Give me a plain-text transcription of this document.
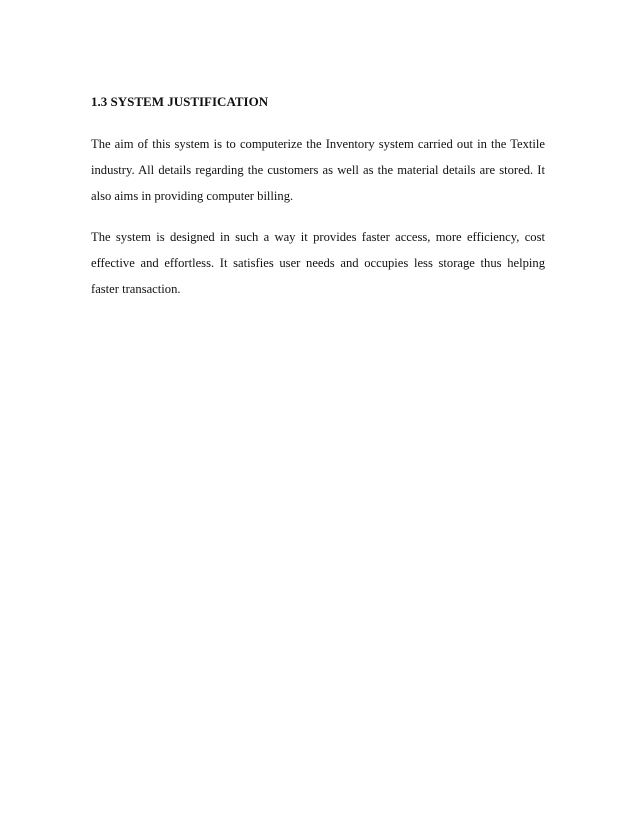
1.3 SYSTEM JUSTIFICATION

The aim of this system is to computerize the Inventory system carried out in the Textile industry. All details regarding the customers as well as the material details are stored. It also aims in providing computer billing.

The system is designed in such a way it provides faster access, more efficiency, cost effective and effortless. It satisfies user needs and occupies less storage thus helping faster transaction.
